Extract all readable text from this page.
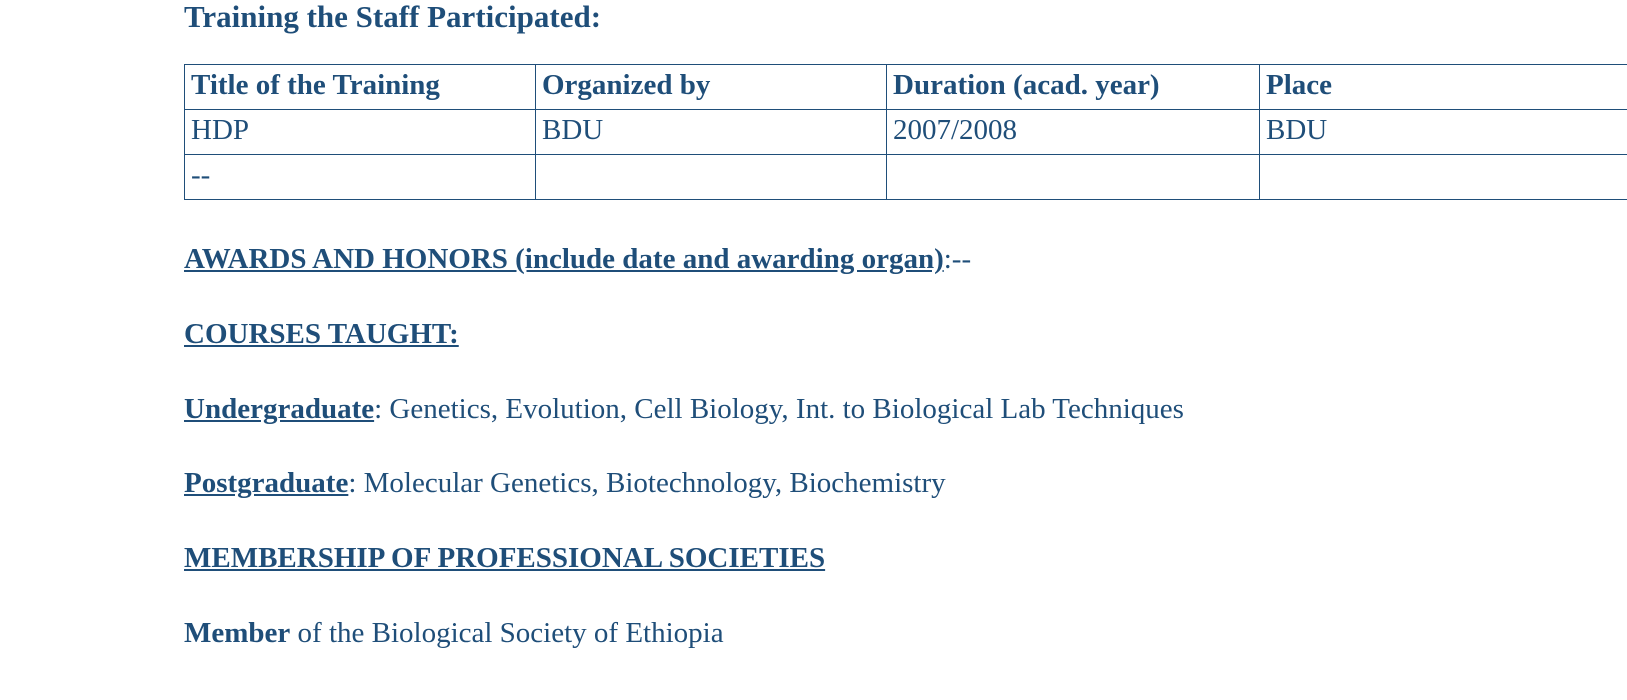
Training the Staff Participated:
Title of the Training	Organized by	Duration (acad. year)	Place
HDP	BDU	2007/2008	BDU
--			

AWARDS AND HONORS (include date and awarding organ):--

COURSES TAUGHT:

Undergraduate: Genetics, Evolution, Cell Biology, Int. to Biological Lab Techniques

Postgraduate: Molecular Genetics, Biotechnology, Biochemistry

MEMBERSHIP OF PROFESSIONAL SOCIETIES

Member of the Biological Society of Ethiopia
